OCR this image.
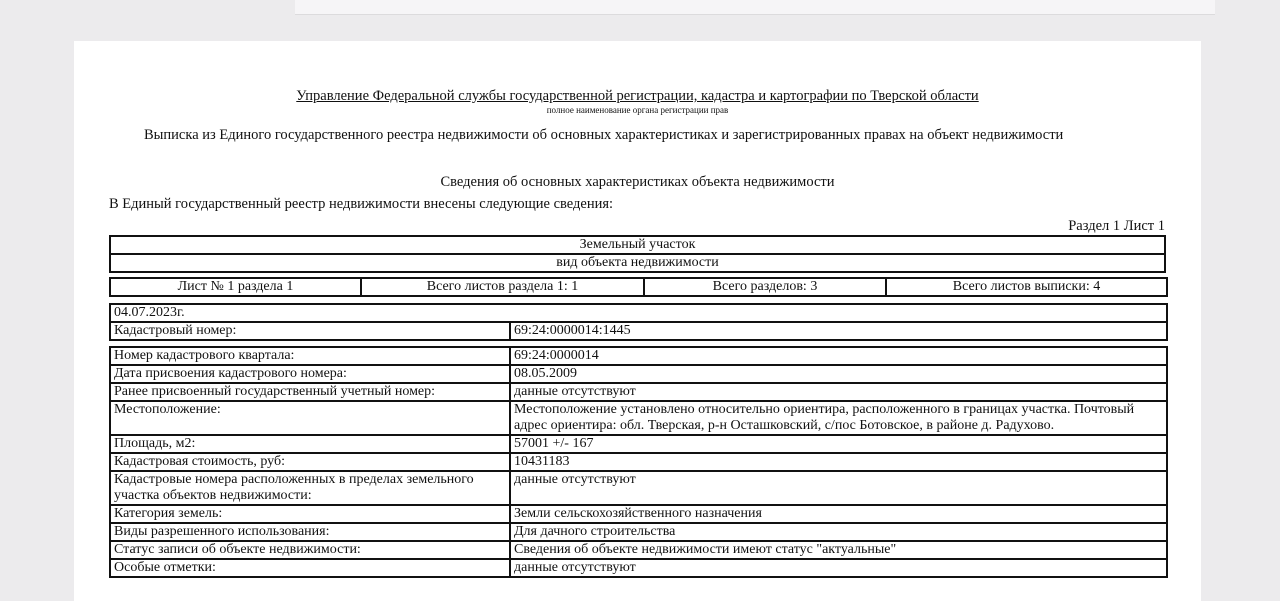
Управление Федеральной службы государственной регистрации, кадастра и картографии по Тверской области
полное наименование органа регистрации прав
Выписка из Единого государственного реестра недвижимости об основных характеристиках и зарегистрированных правах на объект недвижимости
Сведения об основных характеристиках объекта недвижимости
В Единый государственный реестр недвижимости внесены следующие сведения:
Раздел 1 Лист 1
Земельный участок
вид объекта недвижимости
Лист № 1 раздела 1	Всего листов раздела 1: 1	Всего разделов: 3	Всего листов выписки: 4
04.07.2023г.
Кадастровый номер:	69:24:0000014:1445
Номер кадастрового квартала:	69:24:0000014
Дата присвоения кадастрового номера:	08.05.2009
Ранее присвоенный государственный учетный номер:	данные отсутствуют
Местоположение:	Местоположение установлено относительно ориентира, расположенного в границах участка. Почтовый адрес ориентира: обл. Тверская, р-н Осташковский, с/пос Ботовское, в районе д. Радухово.
Площадь, м2:	57001 +/- 167
Кадастровая стоимость, руб:	10431183
Кадастровые номера расположенных в пределах земельного участка объектов недвижимости:	данные отсутствуют
Категория земель:	Земли сельскохозяйственного назначения
Виды разрешенного использования:	Для дачного строительства
Статус записи об объекте недвижимости:	Сведения об объекте недвижимости имеют статус "актуальные"
Особые отметки:	данные отсутствуют
